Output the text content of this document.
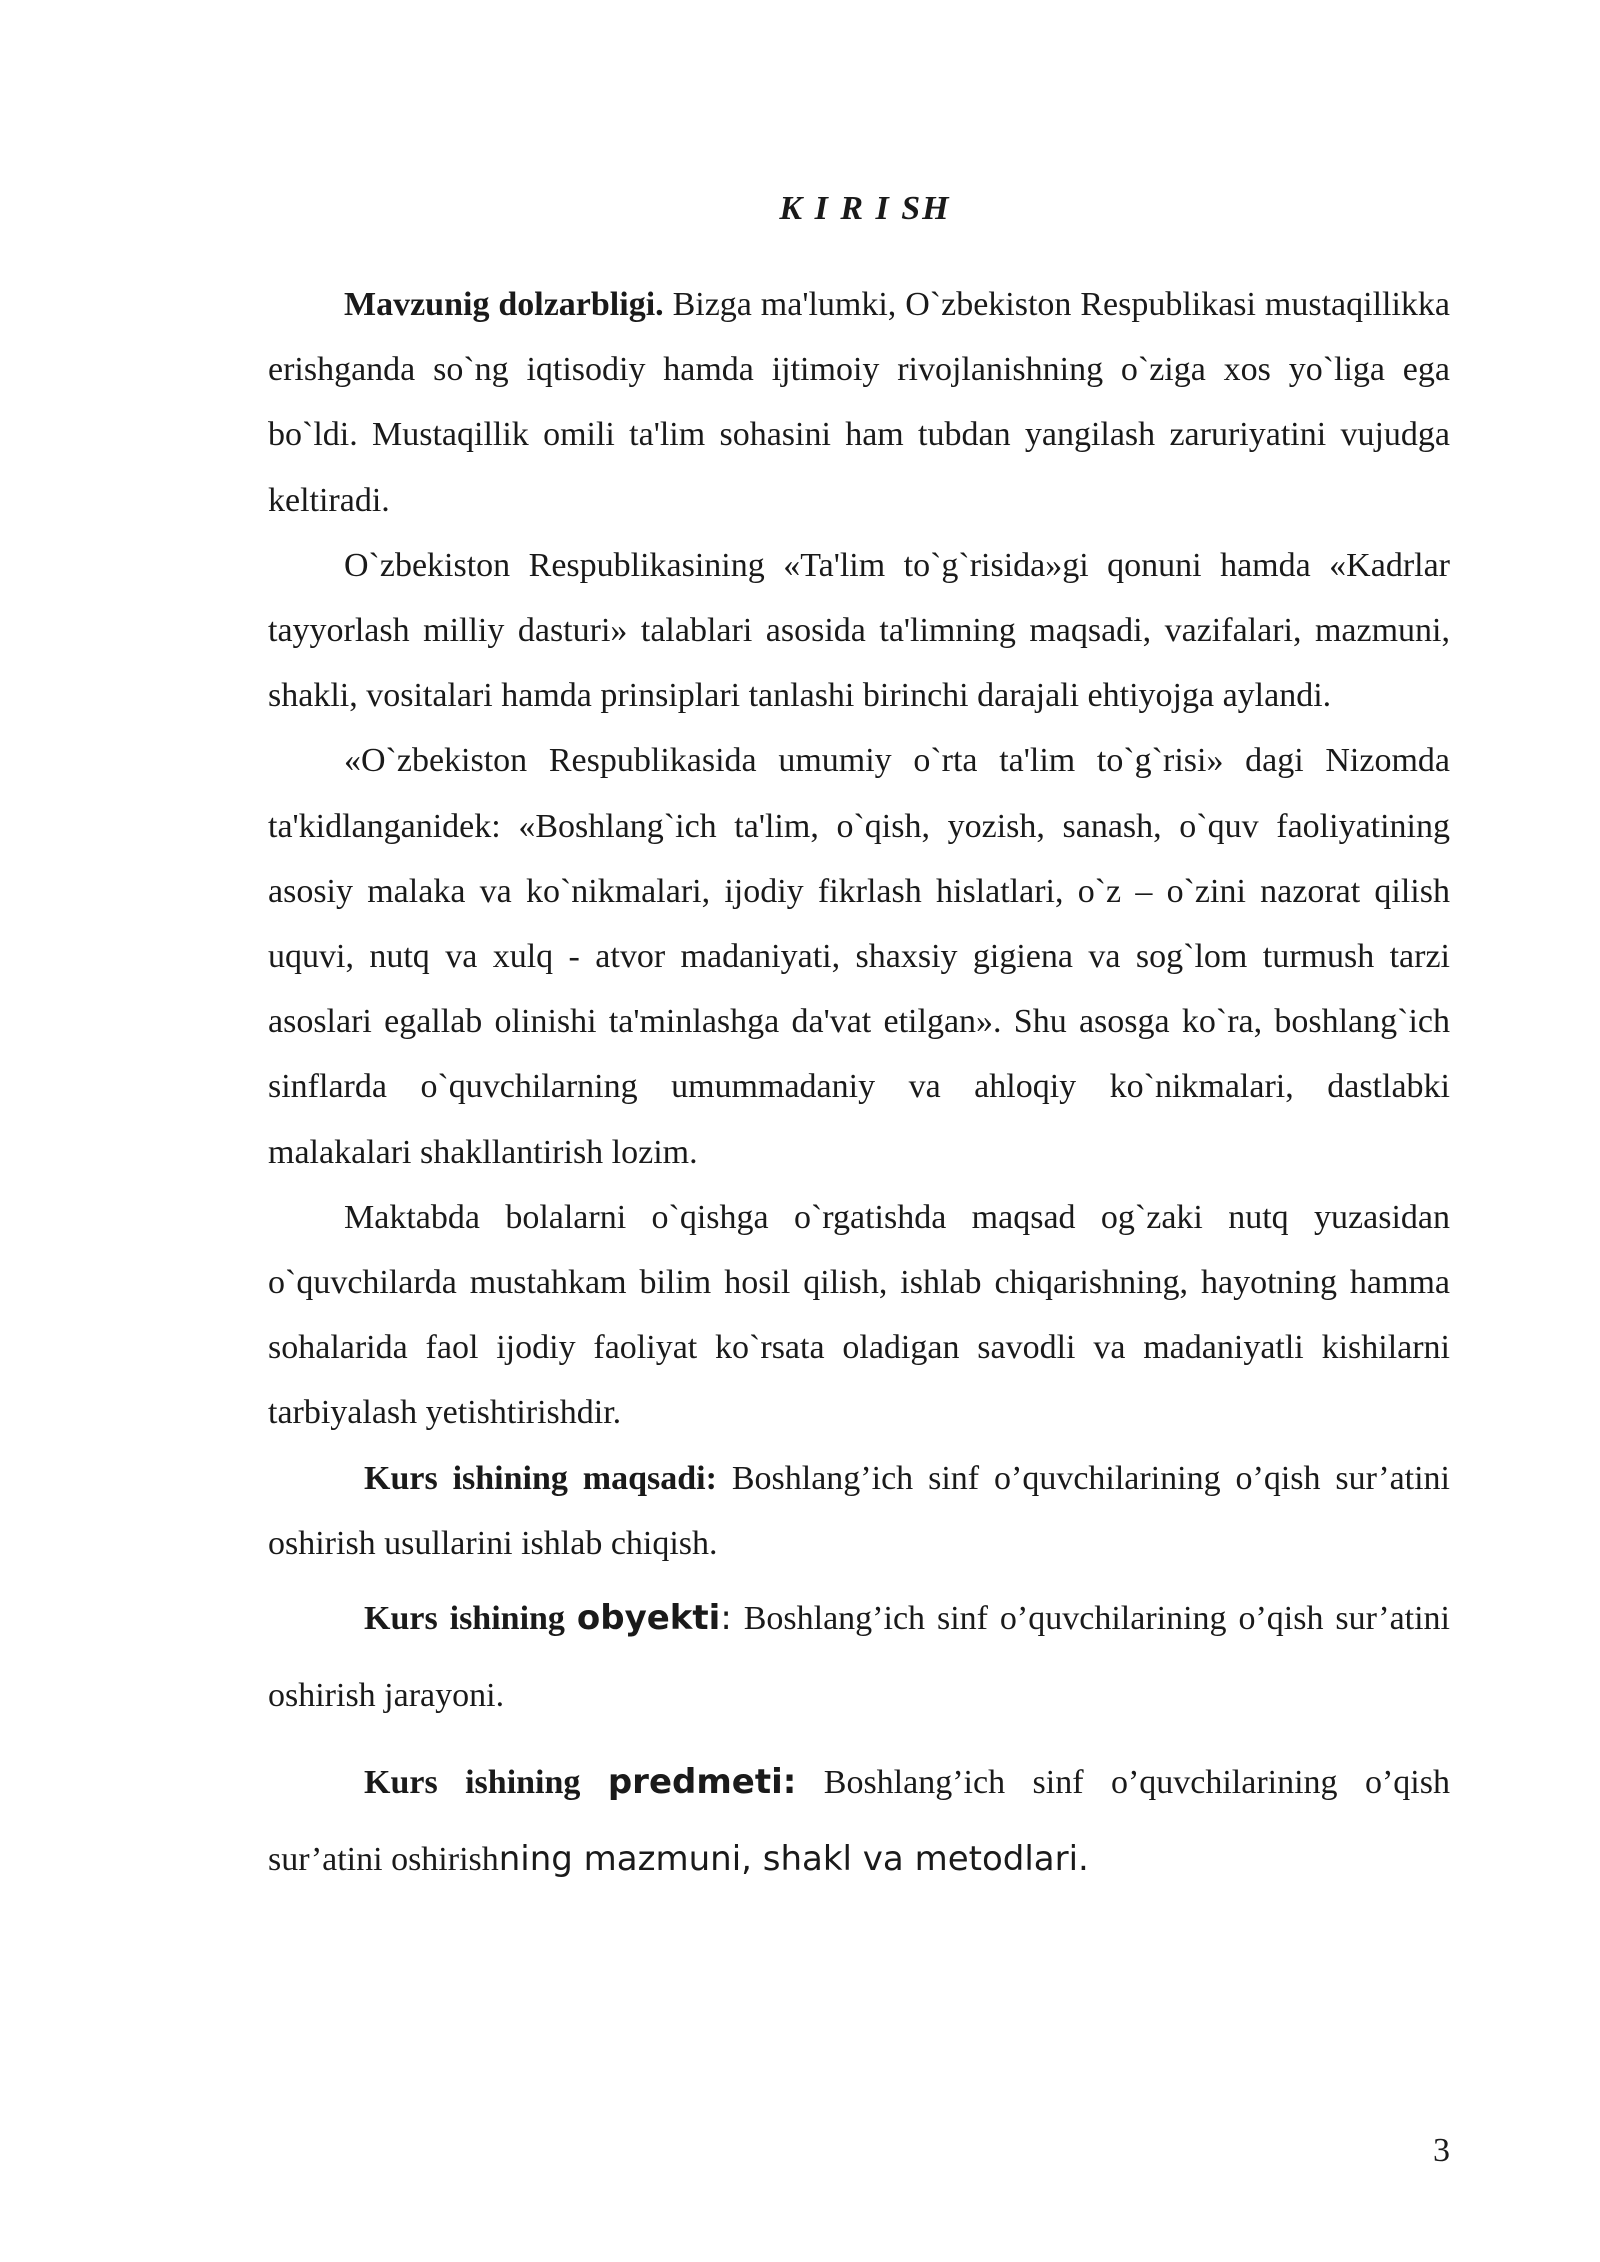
K I R I SH

Mavzunig dolzarbligi. Bizga ma'lumki, O`zbekiston Respublikasi mustaqillikka erishganda so`ng iqtisodiy hamda ijtimoiy rivojlanishning o`ziga xos yo`liga ega bo`ldi. Mustaqillik omili ta'lim sohasini ham tubdan yangilash zaruriyatini vujudga keltiradi.

O`zbekiston Respublikasining «Ta'lim to`g`risida»gi qonuni hamda «Kadrlar tayyorlash milliy dasturi» talablari asosida ta'limning maqsadi, vazifalari, mazmuni, shakli, vositalari hamda prinsiplari tanlashi birinchi darajali ehtiyojga aylandi.

«O`zbekiston Respublikasida umumiy o`rta ta'lim to`g`risi» dagi Nizomda ta'kidlanganidek: «Boshlang`ich ta'lim, o`qish, yozish, sanash, o`quv faoliyatining asosiy malaka va ko`nikmalari, ijodiy fikrlash hislatlari, o`z – o`zini nazorat qilish uquvi, nutq va xulq - atvor madaniyati, shaxsiy gigiena va sog`lom turmush tarzi asoslari egallab olinishi ta'minlashga da'vat etilgan». Shu asosga ko`ra, boshlang`ich sinflarda o`quvchilarning umummadaniy va ahloqiy ko`nikmalari, dastlabki malakalari shakllantirish lozim.

Maktabda bolalarni o`qishga o`rgatishda maqsad og`zaki nutq yuzasidan o`quvchilarda mustahkam bilim hosil qilish, ishlab chiqarishning, hayotning hamma sohalarida faol ijodiy faoliyat ko`rsata oladigan savodli va madaniyatli kishilarni tarbiyalash yetishtirishdir.

Kurs ishining maqsadi: Boshlang’ich sinf o’quvchilarining o’qish sur’atini oshirish usullarini ishlab chiqish.

Kurs ishining obyekti: Boshlang’ich sinf o’quvchilarining o’qish sur’atini oshirish jarayoni.

Kurs ishining predmeti: Boshlang’ich sinf o’quvchilarining o’qish sur’atini oshirishning mazmuni, shakl va metodlari.

3
